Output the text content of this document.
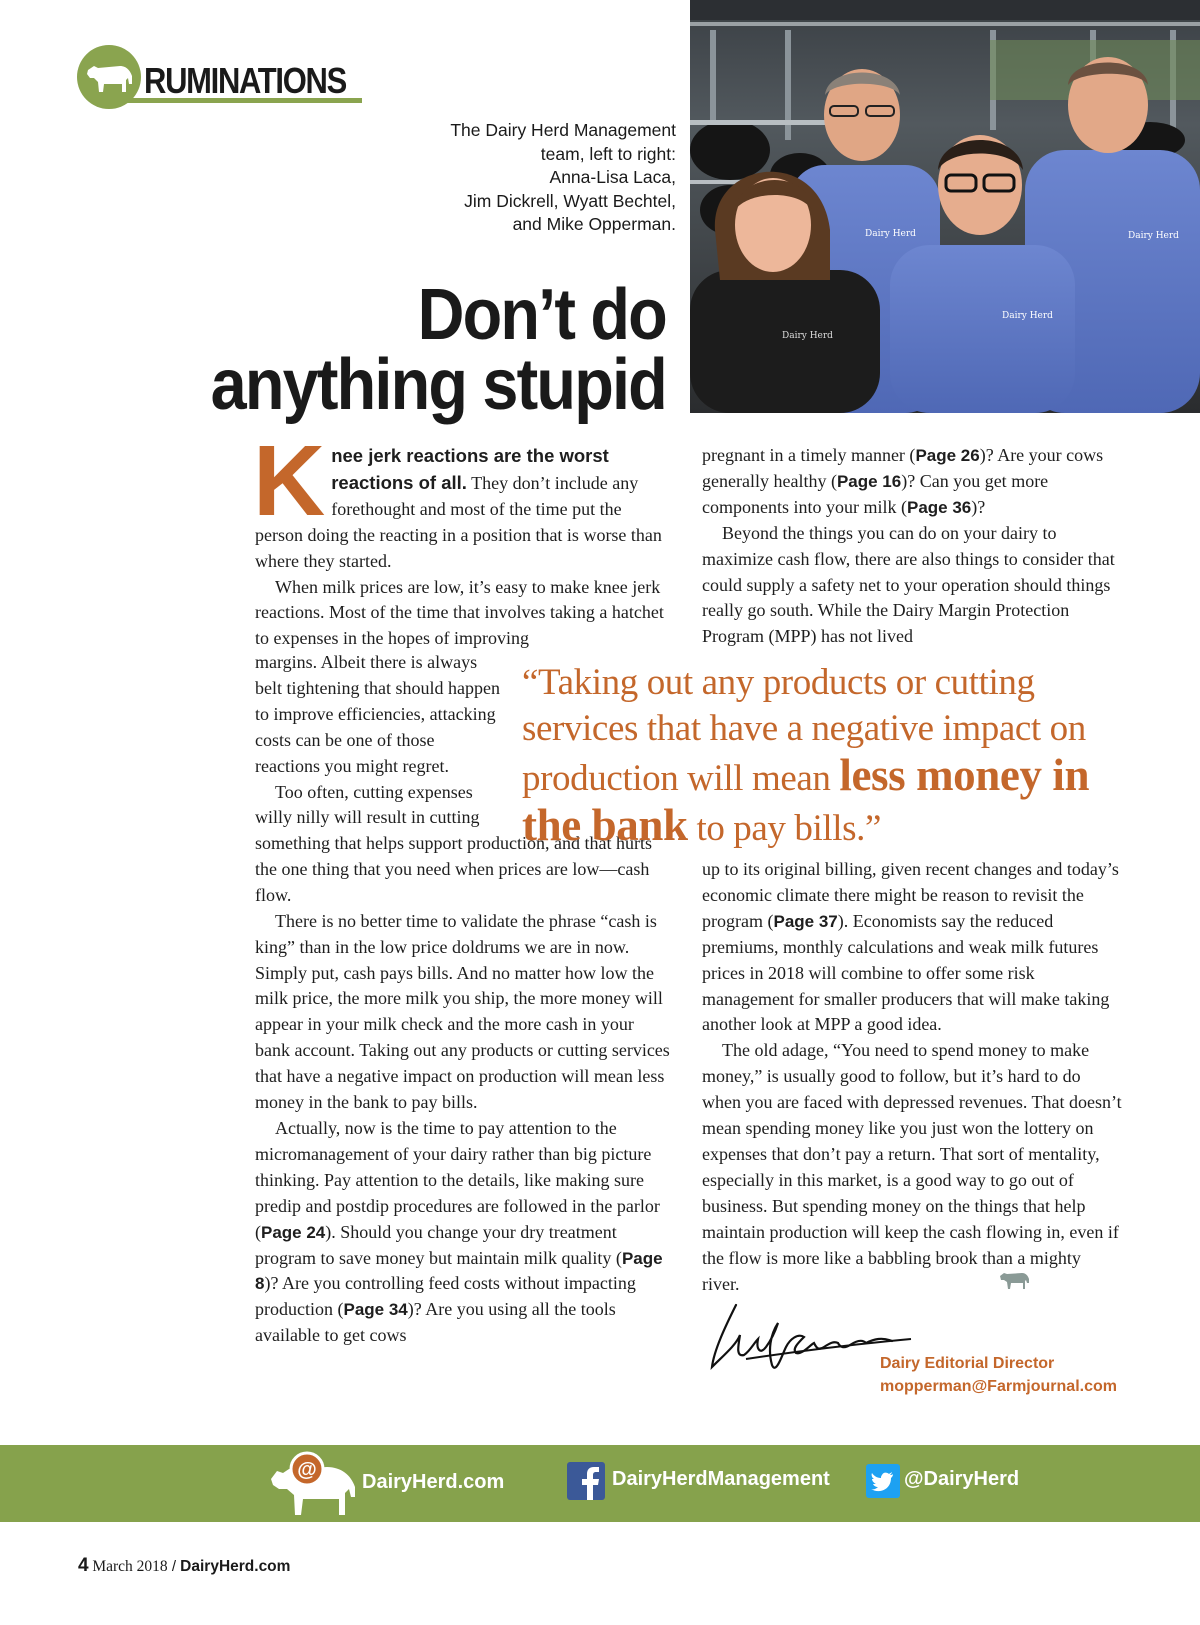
RUMINATIONS
The Dairy Herd Management
team, left to right:
Anna-Lisa Laca,
Jim Dickrell, Wyatt Bechtel,
and Mike Opperman.
Dairy Herd
Dairy Herd
Dairy Herd
Dairy Herd
Don’t do
anything stupid

Knee jerk reactions are the worst reactions of all. They don’t include any forethought and most of the time put the person doing the reacting in a position that is worse than where they started.

When milk prices are low, it’s easy to make knee jerk reactions. Most of the time that involves taking a hatchet to expenses in the hopes of improving

margins. Albeit there is always belt tightening that should happen to improve efficiencies, attacking costs can be one of those reactions you might regret.

Too often, cutting expenses willy nilly will result in cutting

something that helps support production, and that hurts the one thing that you need when prices are low—cash flow.

There is no better time to validate the phrase “cash is king” than in the low price doldrums we are in now. Simply put, cash pays bills. And no matter how low the milk price, the more milk you ship, the more money will appear in your milk check and the more cash in your bank account. Taking out any products or cutting services that have a negative impact on production will mean less money in the bank to pay bills.

Actually, now is the time to pay attention to the micromanagement of your dairy rather than big picture thinking. Pay attention to the details, like making sure predip and postdip procedures are followed in the parlor (Page 24). Should you change your dry treatment program to save money but maintain milk quality (Page 8)? Are you controlling feed costs without impacting production (Page 34)? Are you using all the tools available to get cows

pregnant in a timely manner (Page 26)? Are your cows generally healthy (Page 16)? Can you get more components into your milk (Page 36)?

Beyond the things you can do on your dairy to maximize cash flow, there are also things to consider that could supply a safety net to your operation should things really go south. While the Dairy Margin Protection Program (MPP) has not lived

“Taking out any products or cutting services that have a negative impact on production will mean less money in the bank to pay bills.”

up to its original billing, given recent changes and today’s economic climate there might be reason to revisit the program (Page 37). Economists say the reduced premiums, monthly calculations and weak milk futures prices in 2018 will combine to offer some risk management for smaller producers that will make taking another look at MPP a good idea.

The old adage, “You need to spend money to make money,” is usually good to follow, but it’s hard to do when you are faced with depressed revenues. That doesn’t mean spending money like you just won the lottery on expenses that don’t pay a return. That sort of mentality, especially in this market, is a good way to go out of business. But spending money on the things that help maintain production will keep the cash flowing in, even if the flow is more like a babbling brook than a mighty river.

Dairy Editorial Director
mopperman@Farmjournal.com
@
DairyHerd.com	DairyHerdManagement	@DairyHerd
4 March 2018 / DairyHerd.com
